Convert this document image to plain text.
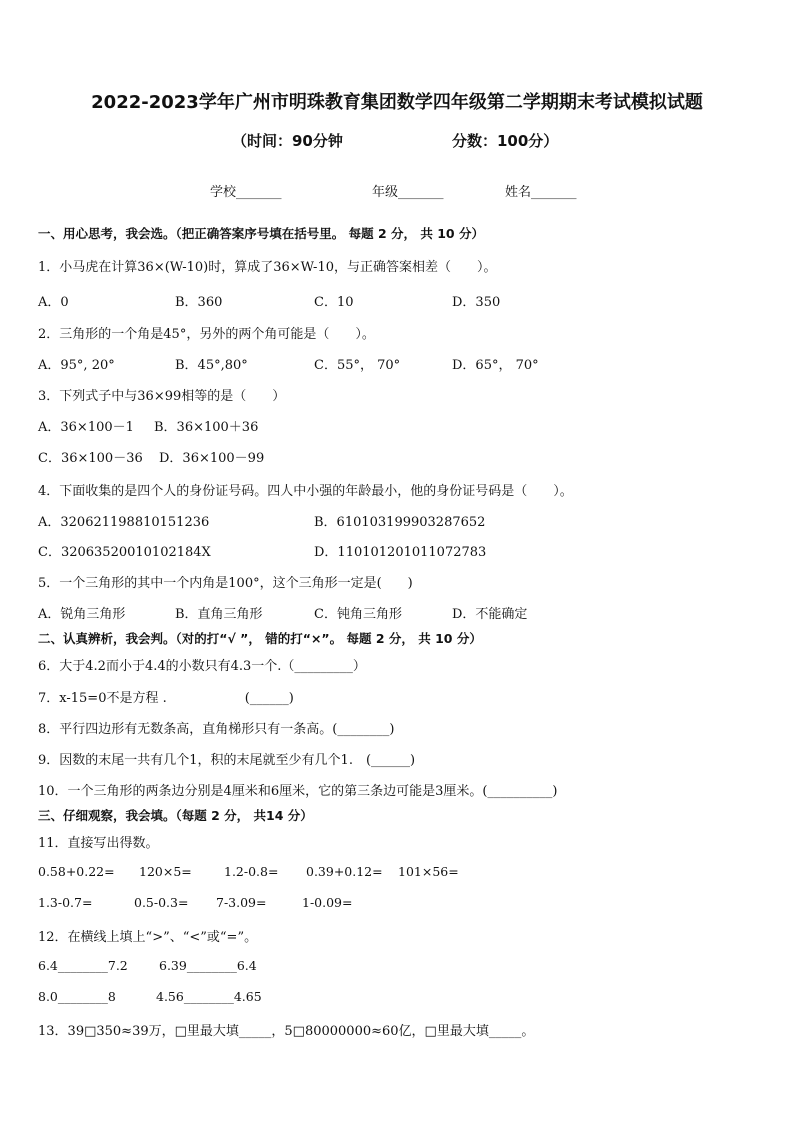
2022-2023学年广州市明珠教育集团数学四年级第二学期期末考试模拟试题
（时间：90分钟	分数：100分）
学校_______	年级_______	姓名_______
一、用心思考，我会选。（把正确答案序号填在括号里。 每题 2 分， 共 10 分）
1．小马虎在计算36×(W-10)时，算成了36×W-10，与正确答案相差（　　）。
A．0	B．360	C．10	D．350
2．三角形的一个角是45°，另外的两个角可能是（　　）。
A．95°, 20°	B．45°,80°	C．55°， 70°	D．65°， 70°
3．下列式子中与36×99相等的是（　　）
A．36×100－1 B．36×100＋36
C．36×100－36 D．36×100－99
4．下面收集的是四个人的身份证号码。四人中小强的年龄最小，他的身份证号码是（　　）。
A．320621198810151236	B．610103199903287652
C．32063520010102184X	D．110101201011072783
5．一个三角形的其中一个内角是100°，这个三角形一定是(　　)
A．锐角三角形	B．直角三角形	C．钝角三角形	D．不能确定
二、认真辨析，我会判。（对的打“√ ”， 错的打“×”。 每题 2 分， 共 10 分）
6．大于4.2而小于4.4的小数只有4.3一个.（_________）
7．x-15=0不是方程 .　　　　　　(______)
8．平行四边形有无数条高，直角梯形只有一条高。(________)
9．因数的末尾一共有几个1，积的末尾就至少有几个1.　(______)
10．一个三角形的两条边分别是4厘米和6厘米，它的第三条边可能是3厘米。(__________)
三、仔细观察，我会填。（每题 2 分， 共14 分）
11．直接写出得数。
0.58+0.22= 120×5=	1.2-0.8= 0.39+0.12= 101×56=
1.3-0.7=	0.5-0.3= 7-3.09=	1-0.09=
12．在横线上填上“>”、“<”或“=”。
6.4________7.2 6.39________6.4
8.0________8	4.56________4.65
13．39□350≈39万，□里最大填_____，5□80000000≈60亿，□里最大填_____。
